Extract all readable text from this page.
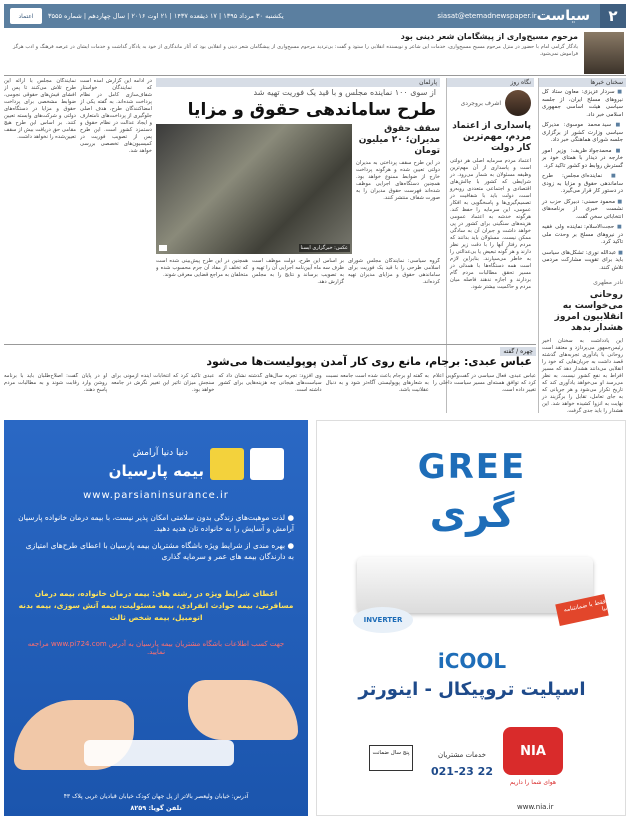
۲
سیاست
siasat@etemadnewspaper.ir
یکشنبه ۳۰ مرداد ۱۳۹۵ | ۱۷ ذیقعده ۱۴۳۷ | ۲۱ اوت ۲۰۱۶ | سال چهاردهم | شماره ۳۵۵۵
اعتماد
مرحوم مسیح‌واری از پیشگامان شعر دینی بود
یادگار گرامی امام با حضور در منزل مرحوم مسیح مسیح‌واری، خدمات این شاعر و نویسنده انقلابی را ستود و گفت: بی‌تردید مرحوم مسیح‌واری از پیشگامان شعر دینی و انقلابی بود که آثار ماندگاری از خود به یادگار گذاشت و خدمات ایشان در عرصه فرهنگ و ادب هرگز فراموش نمی‌شود.
سخنان خبرها

■ سردار عزیزی: معاون ستاد کل نیروهای مسلح ایران، از جلسه سیاسی هیئت اساسی جمهوری اسلامی خبر داد.

■ سید محمد موسوی: مدیرکل سیاسی وزارت کشور از برگزاری جلسه شورای هماهنگی خبر داد.

■ محمدجواد ظریف: وزیر امور خارجه در دیدار با همتای خود بر گسترش روابط دو کشور تاکید کرد.

■ نماینده‌ای مجلس: طرح ساماندهی حقوق و مزایا به زودی در دستور کار قرار می‌گیرد.

■ محمود حسنی: دبیرکل حزب در نشست خبری از برنامه‌های انتخاباتی سخن گفت.

■ حجت‌الاسلام: نماینده ولی فقیه در نیروهای مسلح بر وحدت ملی تاکید کرد.

■ عبدالله نوری: تشکل‌های سیاسی باید برای تقویت مشارکت مردمی تلاش کنند.

نادر مطهری
روحانی می‌خواست به انقلابیون امروز هشدار بدهد
این یادداشت به سخنان اخیر رئیس‌جمهور می‌پردازد و معتقد است روحانی با یادآوری تجربه‌های گذشته قصد داشت به جریان‌هایی که خود را انقلابی می‌دانند هشدار دهد که مسیر افراط به نفع کشور نیست. به نظر می‌رسد او می‌خواهد یادآوری کند که تاریخ تکرار می‌شود و هر جریانی که به جای تعامل، تقابل را برگزیند در نهایت به انزوا کشیده خواهد شد. این هشدار را باید جدی گرفت.
نگاه روز
اشرف بروجردی
پاسداری از اعتماد مردم، مهم‌ترین کار دولت
اعتماد مردم سرمایه اصلی هر دولتی است و پاسداری از آن مهم‌ترین وظیفه مسئولان به شمار می‌رود. در شرایطی که کشور با چالش‌های اقتصادی و اجتماعی متعددی روبه‌رو است، دولت باید با شفافیت در تصمیم‌گیری‌ها و پاسخگویی به افکار عمومی، این سرمایه را حفظ کند. هرگونه خدشه به اعتماد عمومی هزینه‌های سنگینی برای کشور در پی خواهد داشت و جبران آن به سادگی ممکن نیست. مسئولان باید بدانند که مردم رفتار آنها را با دقت زیر نظر دارند و هر گونه تبعیض یا بی‌عدالتی را به خاطر می‌سپارند. بنابراین لازم است همه دستگاه‌ها با همدلی در مسیر تحقق مطالبات مردم گام بردارند و اجازه ندهند فاصله میان مردم و حاکمیت بیشتر شود.
پارلمان
از سوی ۱۰۰ نماینده مجلس و با قید یک فوریت تهیه شد
طرح ساماندهی حقوق و مزایا
عکس: خبرگزاری ایسنا
سقف حقوق مدیران؛ ۲۰ میلیون تومان
در این طرح سقف پرداختی به مدیران دولتی تعیین شده و هرگونه پرداخت خارج از ضوابط ممنوع خواهد بود. همچنین دستگاه‌های اجرایی موظف شده‌اند فهرست حقوق مدیران را به صورت شفاف منتشر کنند.
در ادامه این گزارش آمده است که نمایندگان خواستار شفاف‌سازی کامل در نظام پرداخت شده‌اند. به گفته یکی از امضاکنندگان طرح، هدف اصلی جلوگیری از پرداخت‌های نامتعارف و ایجاد عدالت در نظام حقوق و دستمزد کشور است. این طرح پس از تصویب فوریت در کمیسیون‌های تخصصی بررسی خواهد شد.
نمایندگان مجلس با ارائه این طرح تلاش می‌کنند تا پس از افشای فیش‌های حقوقی نجومی، ضوابط مشخصی برای پرداخت حقوق و مزایا در دستگاه‌های دولتی و شرکت‌های وابسته تعیین کنند. بر اساس این طرح هیچ مقامی حق دریافت بیش از سقف تعیین‌شده را نخواهد داشت.
گروه سیاسی: نمایندگان مجلس شورای اسلامی طرحی را با قید یک فوریت برای ساماندهی حقوق و مزایای مدیران تهیه کرده‌اند.
بر اساس این طرح، دولت موظف است ظرف سه ماه آیین‌نامه اجرایی آن را تهیه و به تصویب برساند و نتایج را به مجلس گزارش دهد.
همچنین در این طرح پیش‌بینی شده است که تخلف از مفاد آن جرم محسوب شده و متخلفان به مراجع قضایی معرفی شوند.
چهره / گفته
عباس عبدی: برجام، مانع روی کار آمدن پوپولیست‌ها می‌شود
عباس عبدی، فعال سیاسی در گفت‌وگویی اعلام کرد که توافق هسته‌ای مسیر سیاست داخلی را تغییر داده است.
به گفته او برجام باعث شده است جامعه نسبت به شعارهای پوپولیستی آگاه‌تر شود و به دنبال عقلانیت باشد.
وی افزود: تجربه سال‌های گذشته نشان داد که سیاست‌های هیجانی چه هزینه‌هایی برای کشور داشته است.
عبدی تاکید کرد که انتخابات آینده آزمونی برای سنجش میزان تاثیر این تغییر نگرش در جامعه خواهد بود.
او در پایان گفت: اصلاح‌طلبان باید با برنامه روشن وارد رقابت شوند و به مطالبات مردم پاسخ دهند.
دنیا دنیا آرامش
بیمه پارسیان
www.parsianinsurance.ir

● لذت موهبت‌های زندگی بدون سلامتی امکان پذیر نیست، با بیمه درمان خانواده پارسیان آرامش و آسایش را به خانواده تان هدیه دهید.

● بهره مندی از شرایط ویژه باشگاه مشتریان بیمه پارسیان با اعطای طرح‌های امتیازی به دارندگان بیمه های عمر و سرمایه گذاری

اعطای شرایط ویژه در رشته های: بیمه درمان خانواده، بیمه درمان مسافرتی، بیمه حوادث انفرادی، بیمه مسئولیت، بیمه آتش سوزی، بیمه بدنه اتومبیل، بیمه شخص ثالث
جهت کسب اطلاعات باشگاه مشتریان بیمه پارسیان به آدرس www.pi724.com مراجعه نمایید.
آدرس: خیابان ولیعصر بالاتر از پل جهان کودک خیابان قبادیان غربی پلاک ۴۳
تلفن گویا: ۸۲۵۹
GREE
گری
INVERTER
فقط با ضمانتنامه نیا
iCOOL
اسپلیت تروپیکال - اینورتر
پنج سال ضمانت	خدمات مشتریان
021-23 22
NIA
هوای شما را داریم
www.nia.ir
